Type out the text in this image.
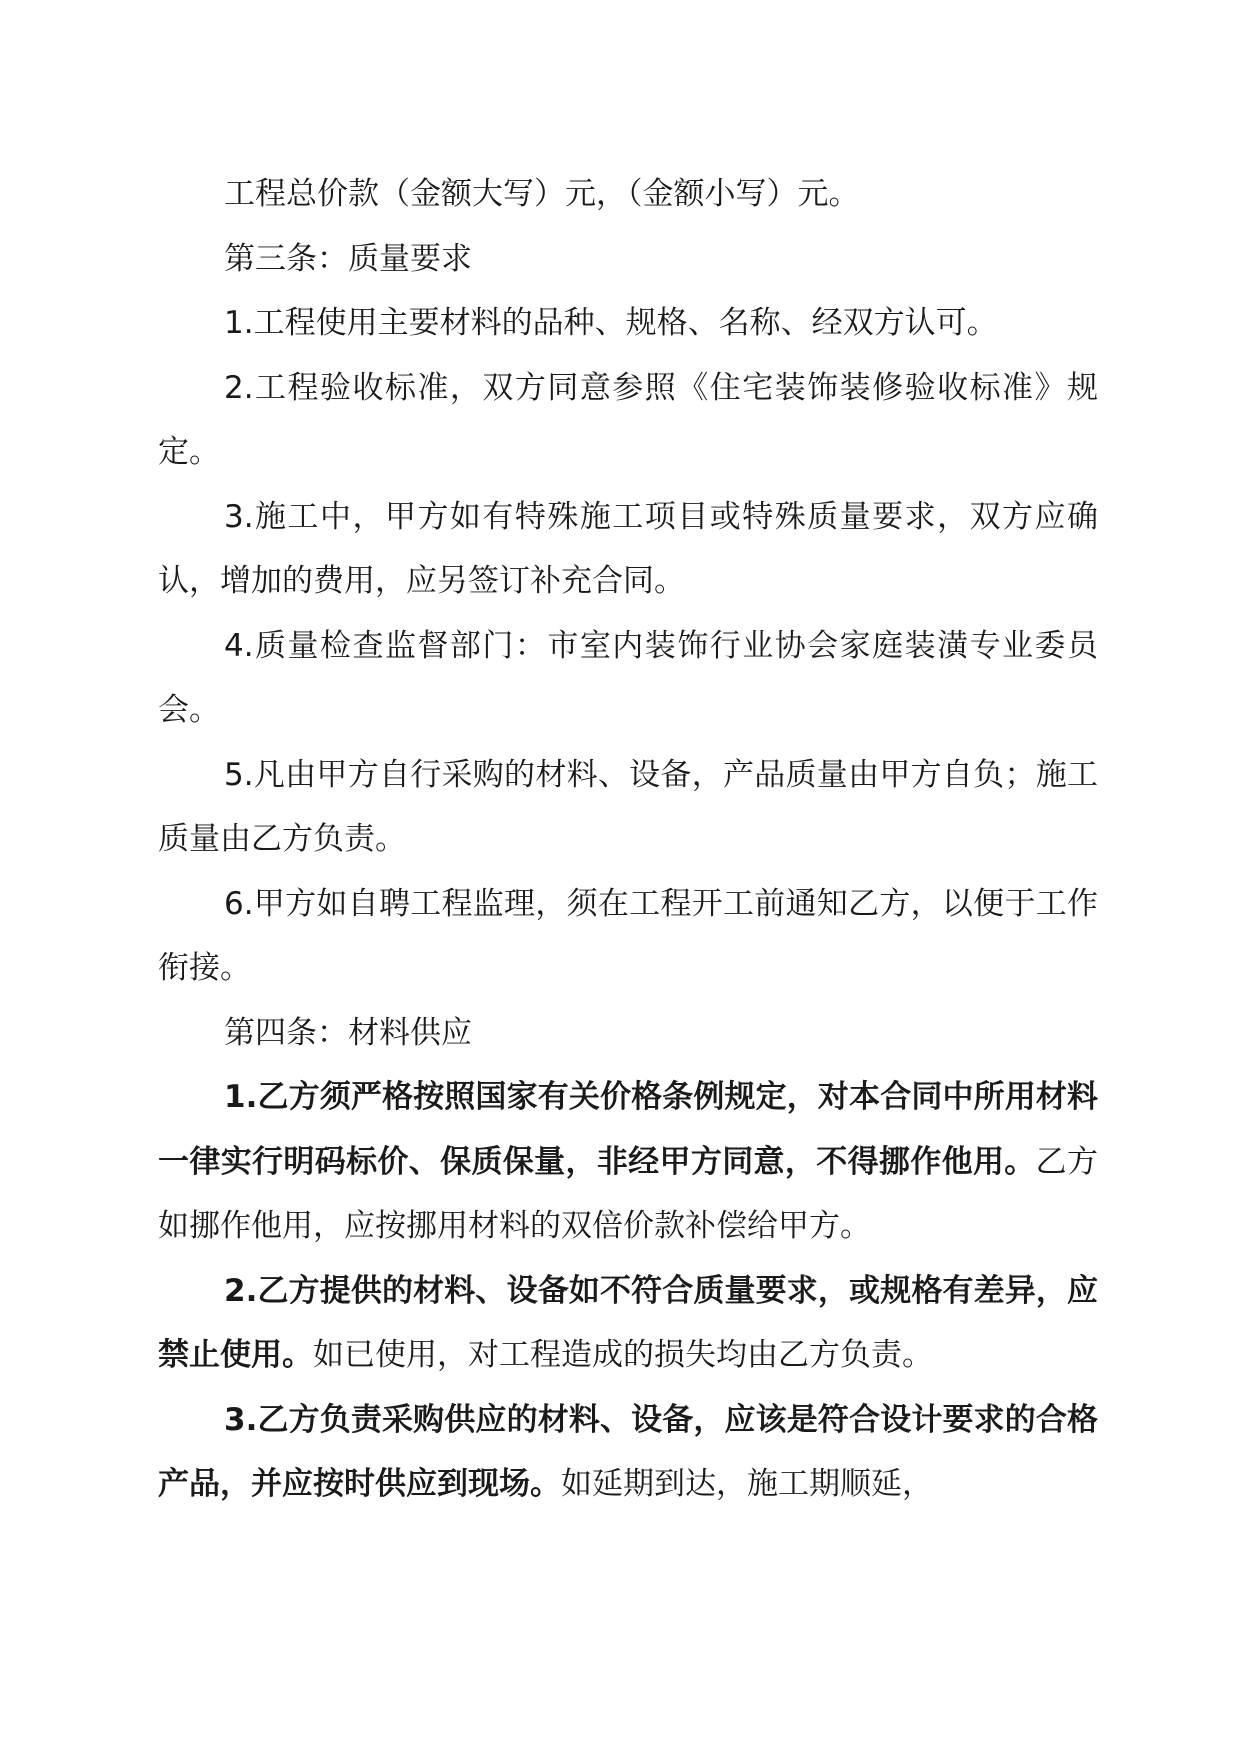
工程总价款（金额大写）元，（金额小写）元。

第三条：质量要求

1.工程使用主要材料的品种、规格、名称、经双方认可。

2.工程验收标准，双方同意参照《住宅装饰装修验收标准》规定。

3.施工中，甲方如有特殊施工项目或特殊质量要求，双方应确认，增加的费用，应另签订补充合同。

4.质量检查监督部门：市室内装饰行业协会家庭装潢专业委员会。

5.凡由甲方自行采购的材料、设备，产品质量由甲方自负；施工质量由乙方负责。

6.甲方如自聘工程监理，须在工程开工前通知乙方，以便于工作衔接。

第四条：材料供应

1.乙方须严格按照国家有关价格条例规定，对本合同中所用材料一律实行明码标价、保质保量，非经甲方同意，不得挪作他用。乙方如挪作他用，应按挪用材料的双倍价款补偿给甲方。

2.乙方提供的材料、设备如不符合质量要求，或规格有差异，应禁止使用。如已使用，对工程造成的损失均由乙方负责。

3.乙方负责采购供应的材料、设备，应该是符合设计要求的合格产品，并应按时供应到现场。如延期到达，施工期顺延，
